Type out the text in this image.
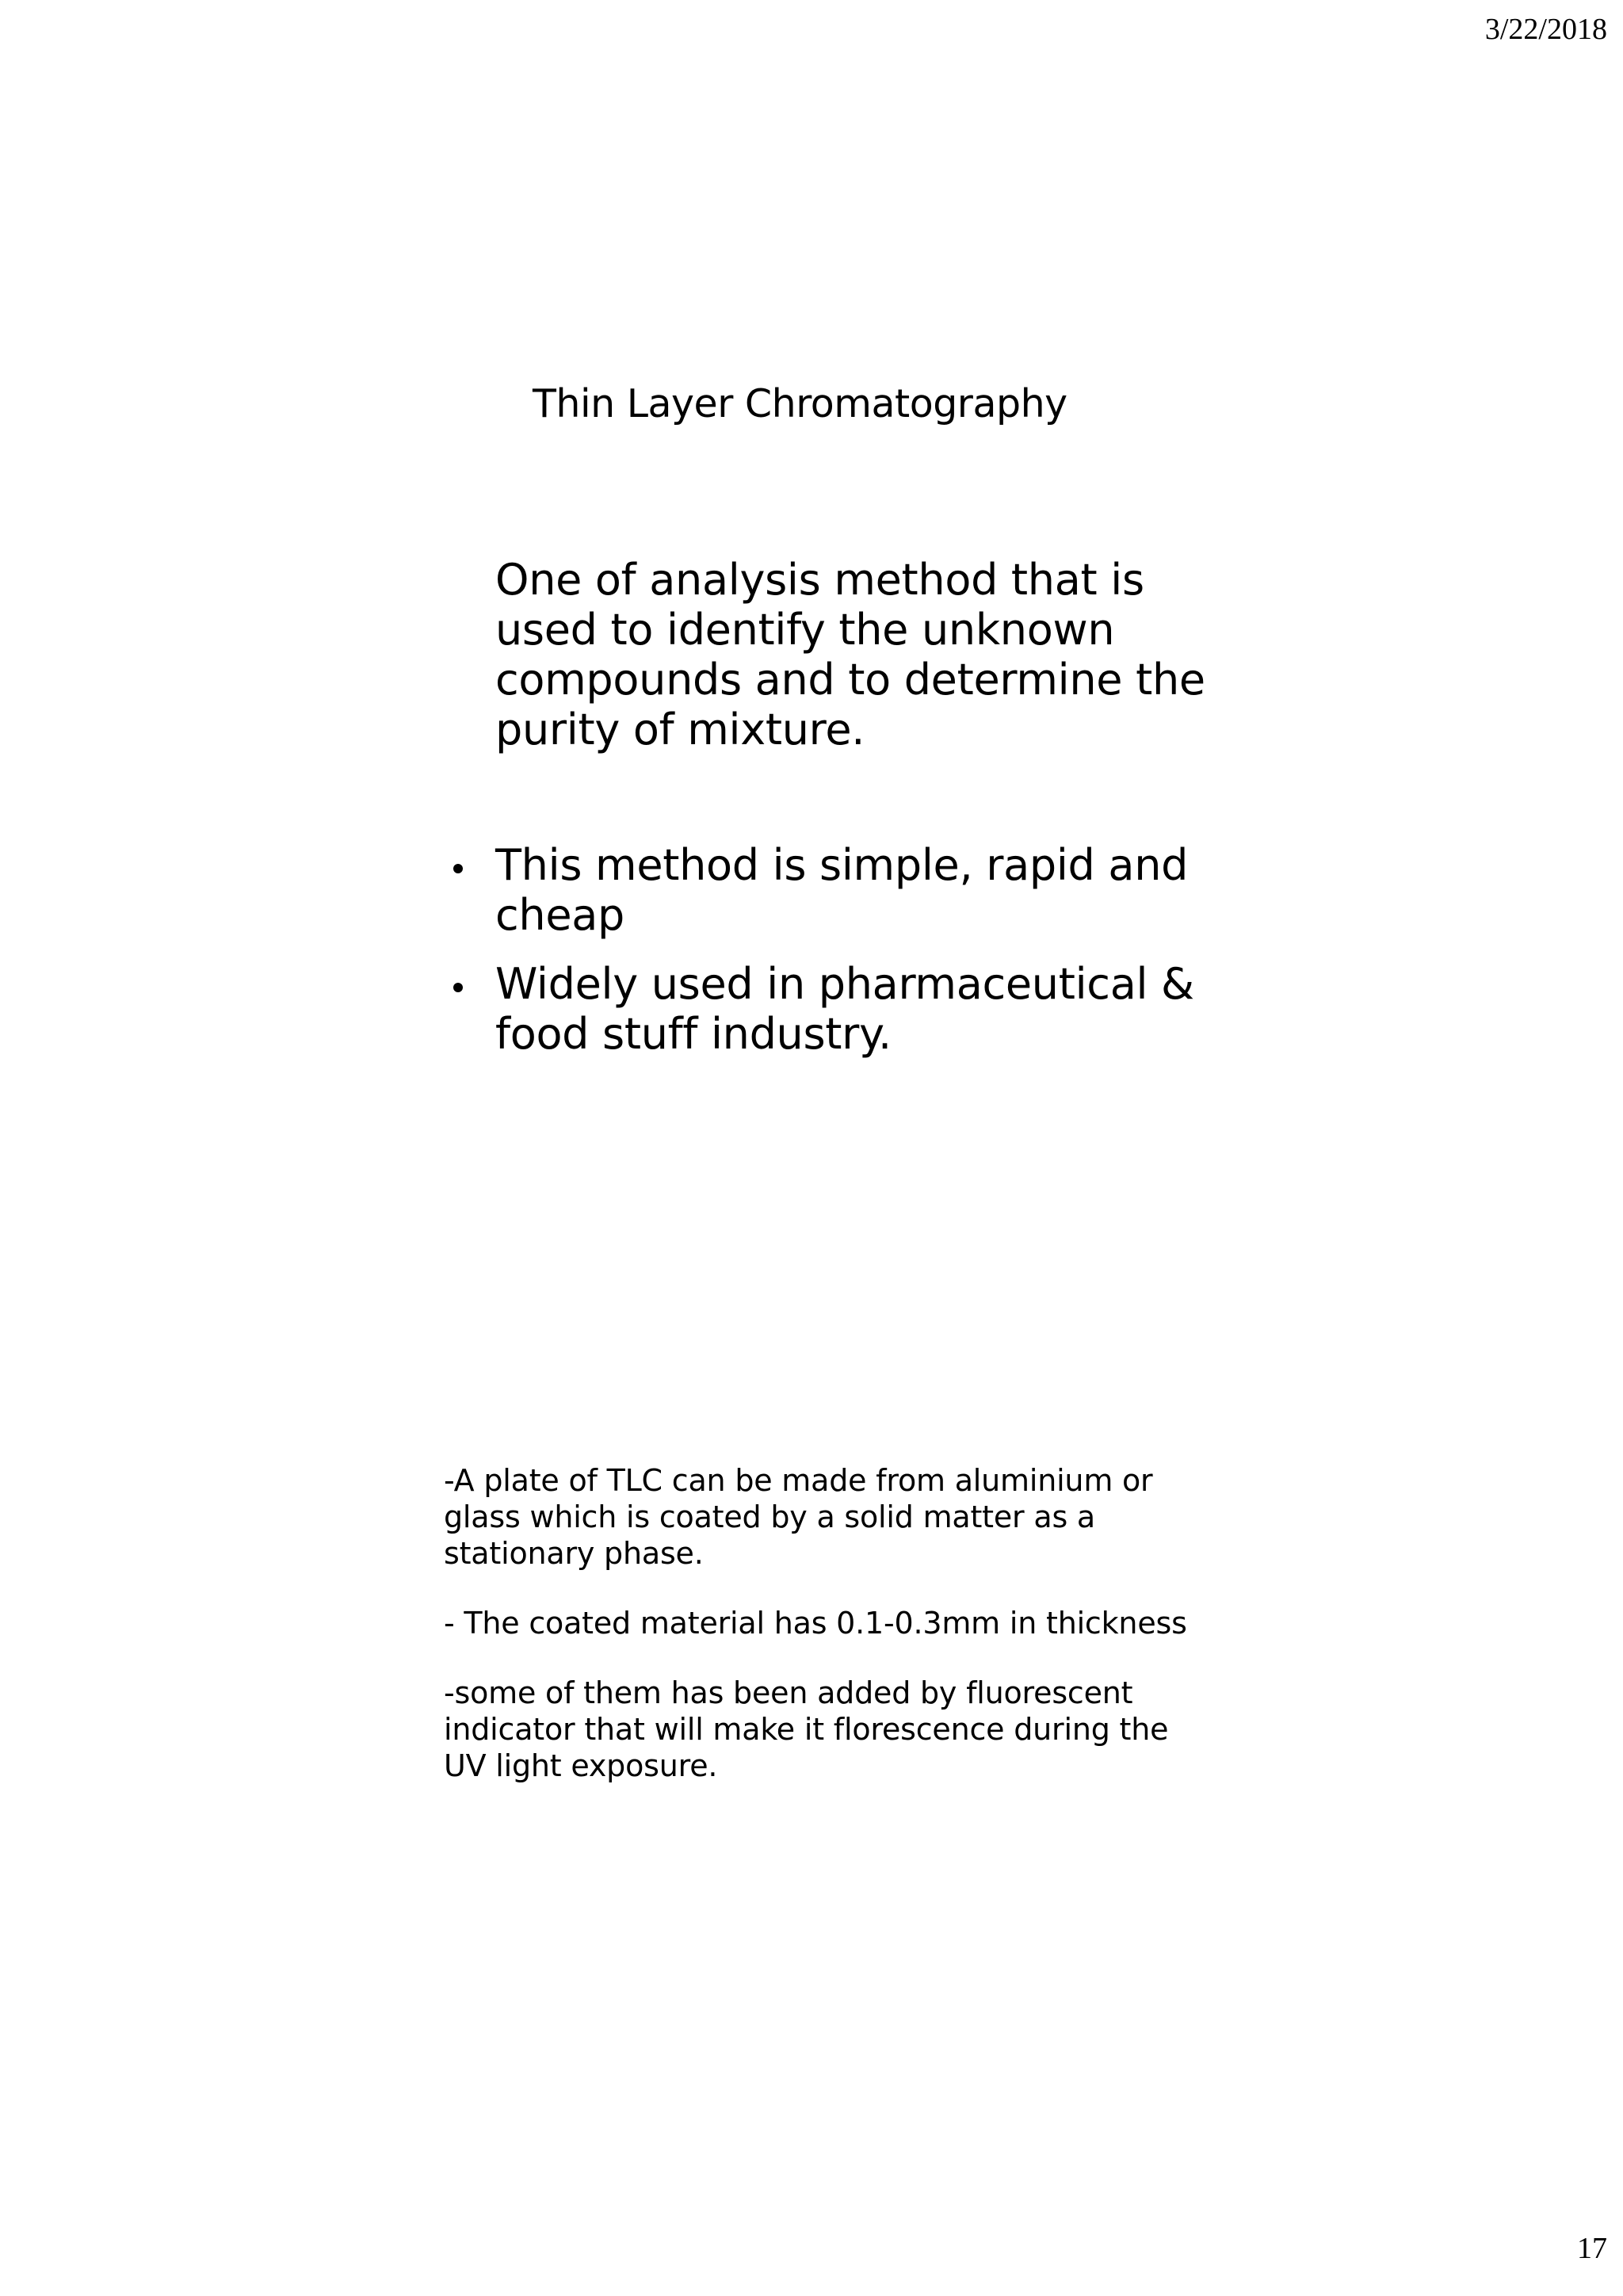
3/22/2018
Thin Layer Chromatography
One of analysis method that is
used to identify the unknown
compounds and to determine the
purity of mixture.
This method is simple, rapid and
cheap
Widely used in pharmaceutical &
food stuff industry.

-A plate of TLC can be made from aluminium or
glass which is coated by a solid matter as a
stationary phase.

- The coated material has 0.1-0.3mm in thickness

-some of them has been added by fluorescent
indicator that will make it florescence during the
UV light exposure.

17
